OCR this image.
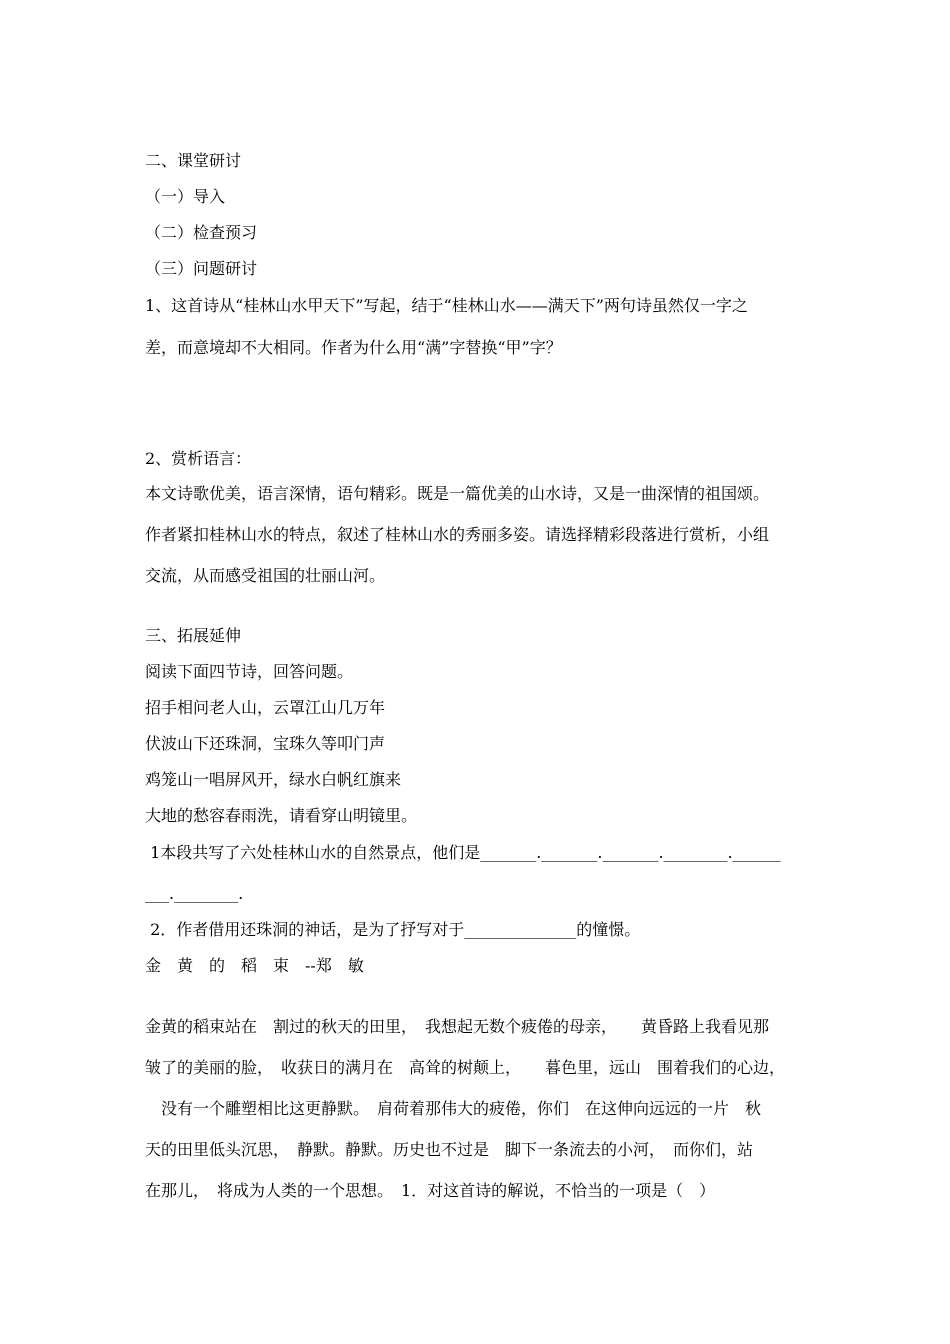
二、课堂研讨
（一）导入
（二）检查预习
（三）问题研讨
1、这首诗从“桂林山水甲天下”写起，结于“桂林山水——满天下”两句诗虽然仅一字之
差，而意境却不大相同。作者为什么用“满”字替换“甲”字？
2、赏析语言：
本文诗歌优美，语言深情，语句精彩。既是一篇优美的山水诗，又是一曲深情的祖国颂。
作者紧扣桂林山水的特点，叙述了桂林山水的秀丽多姿。请选择精彩段落进行赏析，小组
交流，从而感受祖国的壮丽山河。
三、拓展延伸
阅读下面四节诗，回答问题。
招手相问老人山，云罩江山几万年
伏波山下还珠洞，宝珠久等叩门声
鸡笼山一唱屏风开，绿水白帆红旗来
大地的愁容春雨洗，请看穿山明镜里。
1本段共写了六处桂林山水的自然景点，他们是_______._______._______.________.______
___.________.
2．作者借用还珠洞的神话，是为了抒写对于______________的憧憬。
金　黄　的　稻　束　--郑　敏
金黄的稻束站在　割过的秋天的田里，　我想起无数个疲倦的母亲，　　黄昏路上我看见那
皱了的美丽的脸，　收获日的满月在　高耸的树颠上，　　暮色里，远山　围着我们的心边，
　没有一个雕塑相比这更静默。　肩荷着那伟大的疲倦，你们　在这伸向远远的一片　秋
天的田里低头沉思，　静默。静默。历史也不过是　脚下一条流去的小河，　而你们，站
在那儿，　将成为人类的一个思想。　1．对这首诗的解说，不恰当的一项是（　）
